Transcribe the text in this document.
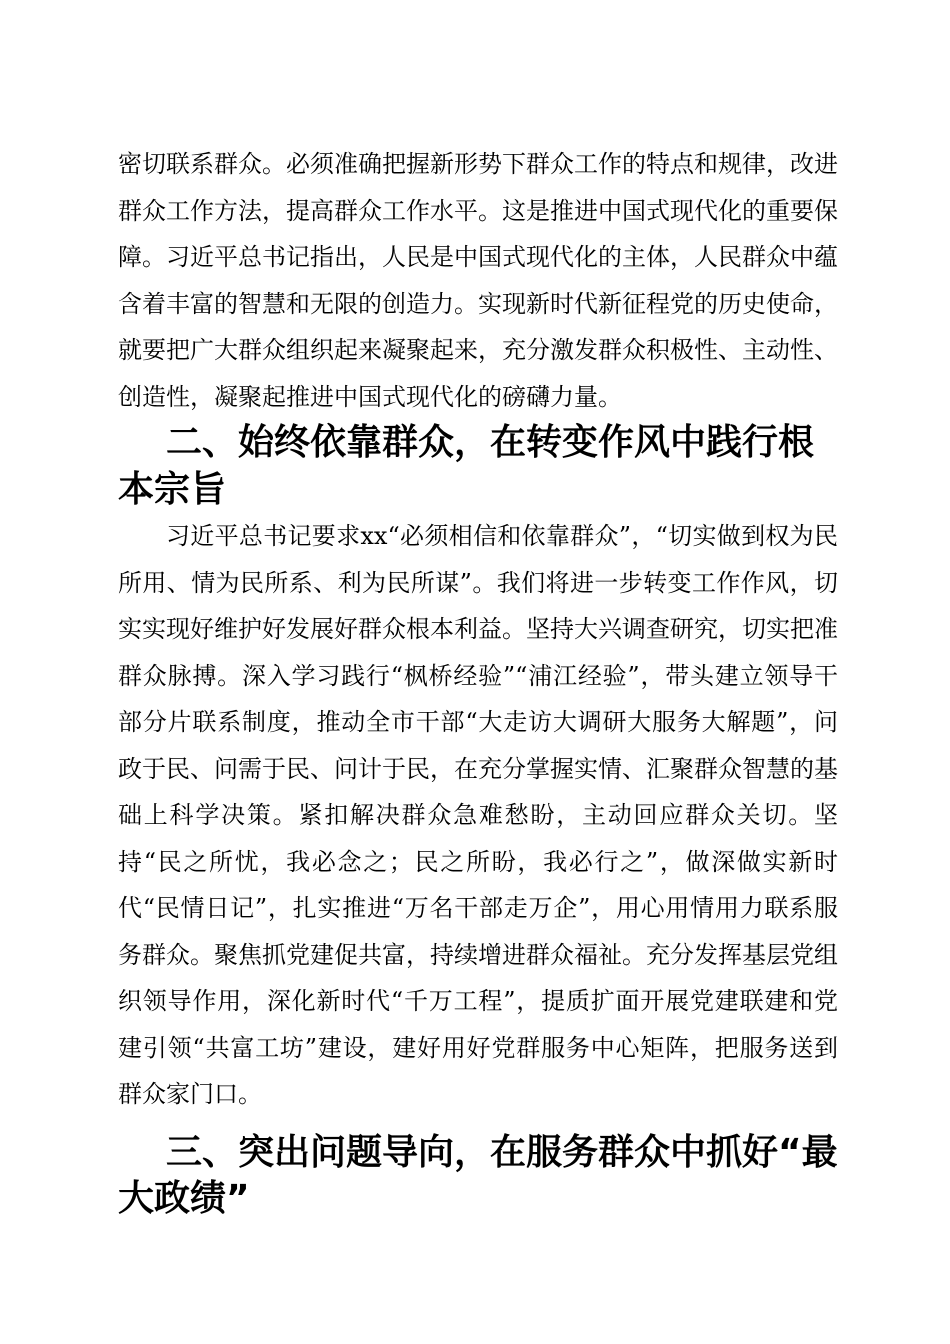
密切联系群众。必须准确把握新形势下群众工作的特点和规律，改进群众工作方法，提高群众工作水平。这是推进中国式现代化的重要保障。习近平总书记指出，人民是中国式现代化的主体，人民群众中蕴含着丰富的智慧和无限的创造力。实现新时代新征程党的历史使命，就要把广大群众组织起来凝聚起来，充分激发群众积极性、主动性、创造性，凝聚起推进中国式现代化的磅礴力量。

二、始终依靠群众，在转变作风中践行根本宗旨

习近平总书记要求xx“必须相信和依靠群众”，“切实做到权为民所用、情为民所系、利为民所谋”。我们将进一步转变工作作风，切实实现好维护好发展好群众根本利益。坚持大兴调查研究，切实把准群众脉搏。深入学习践行“枫桥经验”“浦江经验”，带头建立领导干部分片联系制度，推动全市干部“大走访大调研大服务大解题”，问政于民、问需于民、问计于民，在充分掌握实情、汇聚群众智慧的基础上科学决策。紧扣解决群众急难愁盼，主动回应群众关切。坚持“民之所忧，我必念之；民之所盼，我必行之”，做深做实新时代“民情日记”，扎实推进“万名干部走万企”，用心用情用力联系服务群众。聚焦抓党建促共富，持续增进群众福祉。充分发挥基层党组织领导作用，深化新时代“千万工程”，提质扩面开展党建联建和党建引领“共富工坊”建设，建好用好党群服务中心矩阵，把服务送到群众家门口。

三、突出问题导向，在服务群众中抓好“最大政绩”
